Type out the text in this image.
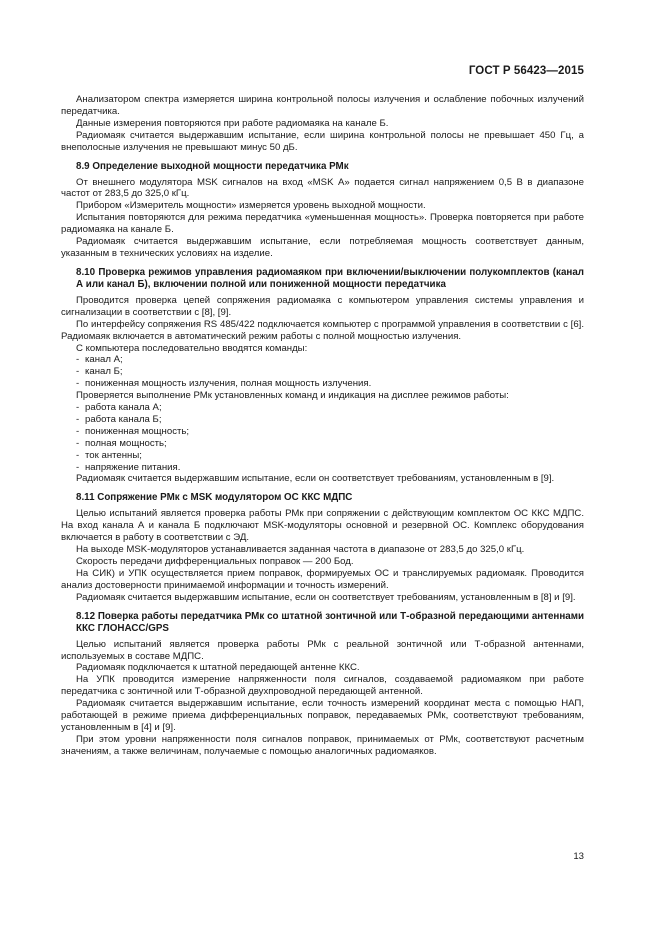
ГОСТ Р 56423—2015

Анализатором спектра измеряется ширина контрольной полосы излучения и ослабление побочных излучений передатчика.

Данные измерения повторяются при работе радиомаяка на канале Б.

Радиомаяк считается выдержавшим испытание, если ширина контрольной полосы не превышает 450 Гц, а внеполосные излучения не превышают минус 50 дБ.

8.9 Определение выходной мощности передатчика РМк

От внешнего модулятора MSK сигналов на вход «MSK А» подается сигнал напряжением 0,5 В в диапазоне частот от 283,5 до 325,0 кГц.

Прибором «Измеритель мощности» измеряется уровень выходной мощности.

Испытания повторяются для режима передатчика «уменьшенная мощность». Проверка повторяется при работе радиомаяка на канале Б.

Радиомаяк считается выдержавшим испытание, если потребляемая мощность соответствует данным, указанным в технических условиях на изделие.

8.10 Проверка режимов управления радиомаяком при включении/выключении полукомплектов (канал А или канал Б), включении полной или пониженной мощности передатчика

Проводится проверка цепей сопряжения радиомаяка с компьютером управления системы управления и сигнализации в соответствии с [8], [9].

По интерфейсу сопряжения RS 485/422 подключается компьютер с программой управления в соответствии с [6]. Радиомаяк включается в автоматический режим работы с полной мощностью излучения.

С компьютера последовательно вводятся команды:

- канал А;
- канал Б;
- пониженная мощность излучения, полная мощность излучения.

Проверяется выполнение РМк установленных команд и индикация на дисплее режимов работы:

- работа канала А;
- работа канала Б;
- пониженная мощность;
- полная мощность;
- ток антенны;
- напряжение питания.

Радиомаяк считается выдержавшим испытание, если он соответствует требованиям, установленным в [9].

8.11 Сопряжение РМк с MSK модулятором ОС ККС МДПС

Целью испытаний является проверка работы РМк при сопряжении с действующим комплектом ОС ККС МДПС. На вход канала А и канала Б подключают MSK-модуляторы основной и резервной ОС. Комплекс оборудования включается в работу в соответствии с ЭД.

На выходе MSK-модуляторов устанавливается заданная частота в диапазоне от 283,5 до 325,0 кГц.

Скорость передачи дифференциальных поправок — 200 Бод.

На СИК) и УПК осуществляется прием поправок, формируемых ОС и транслируемых радиомаяк. Проводится анализ достоверности принимаемой информации и точность измерений.

Радиомаяк считается выдержавшим испытание, если он соответствует требованиям, установленным в [8] и [9].

8.12 Поверка работы передатчика РМк со штатной зонтичной или Т-образной передающими антеннами ККС ГЛОНАСС/GPS

Целью испытаний является проверка работы РМк с реальной зонтичной или Т-образной антеннами, используемых в составе МДПС.

Радиомаяк подключается к штатной передающей антенне ККС.

На УПК проводится измерение напряженности поля сигналов, создаваемой радиомаяком при работе передатчика с зонтичной или Т-образной двухпроводной передающей антенной.

Радиомаяк считается выдержавшим испытание, если точность измерений координат места с помощью НАП, работающей в режиме приема дифференциальных поправок, передаваемых РМк, соответствуют требованиям, установленным в [4] и [9].

При этом уровни напряженности поля сигналов поправок, принимаемых от РМк, соответствуют расчетным значениям, а также величинам, получаемые с помощью аналогичных радиомаяков.

13
